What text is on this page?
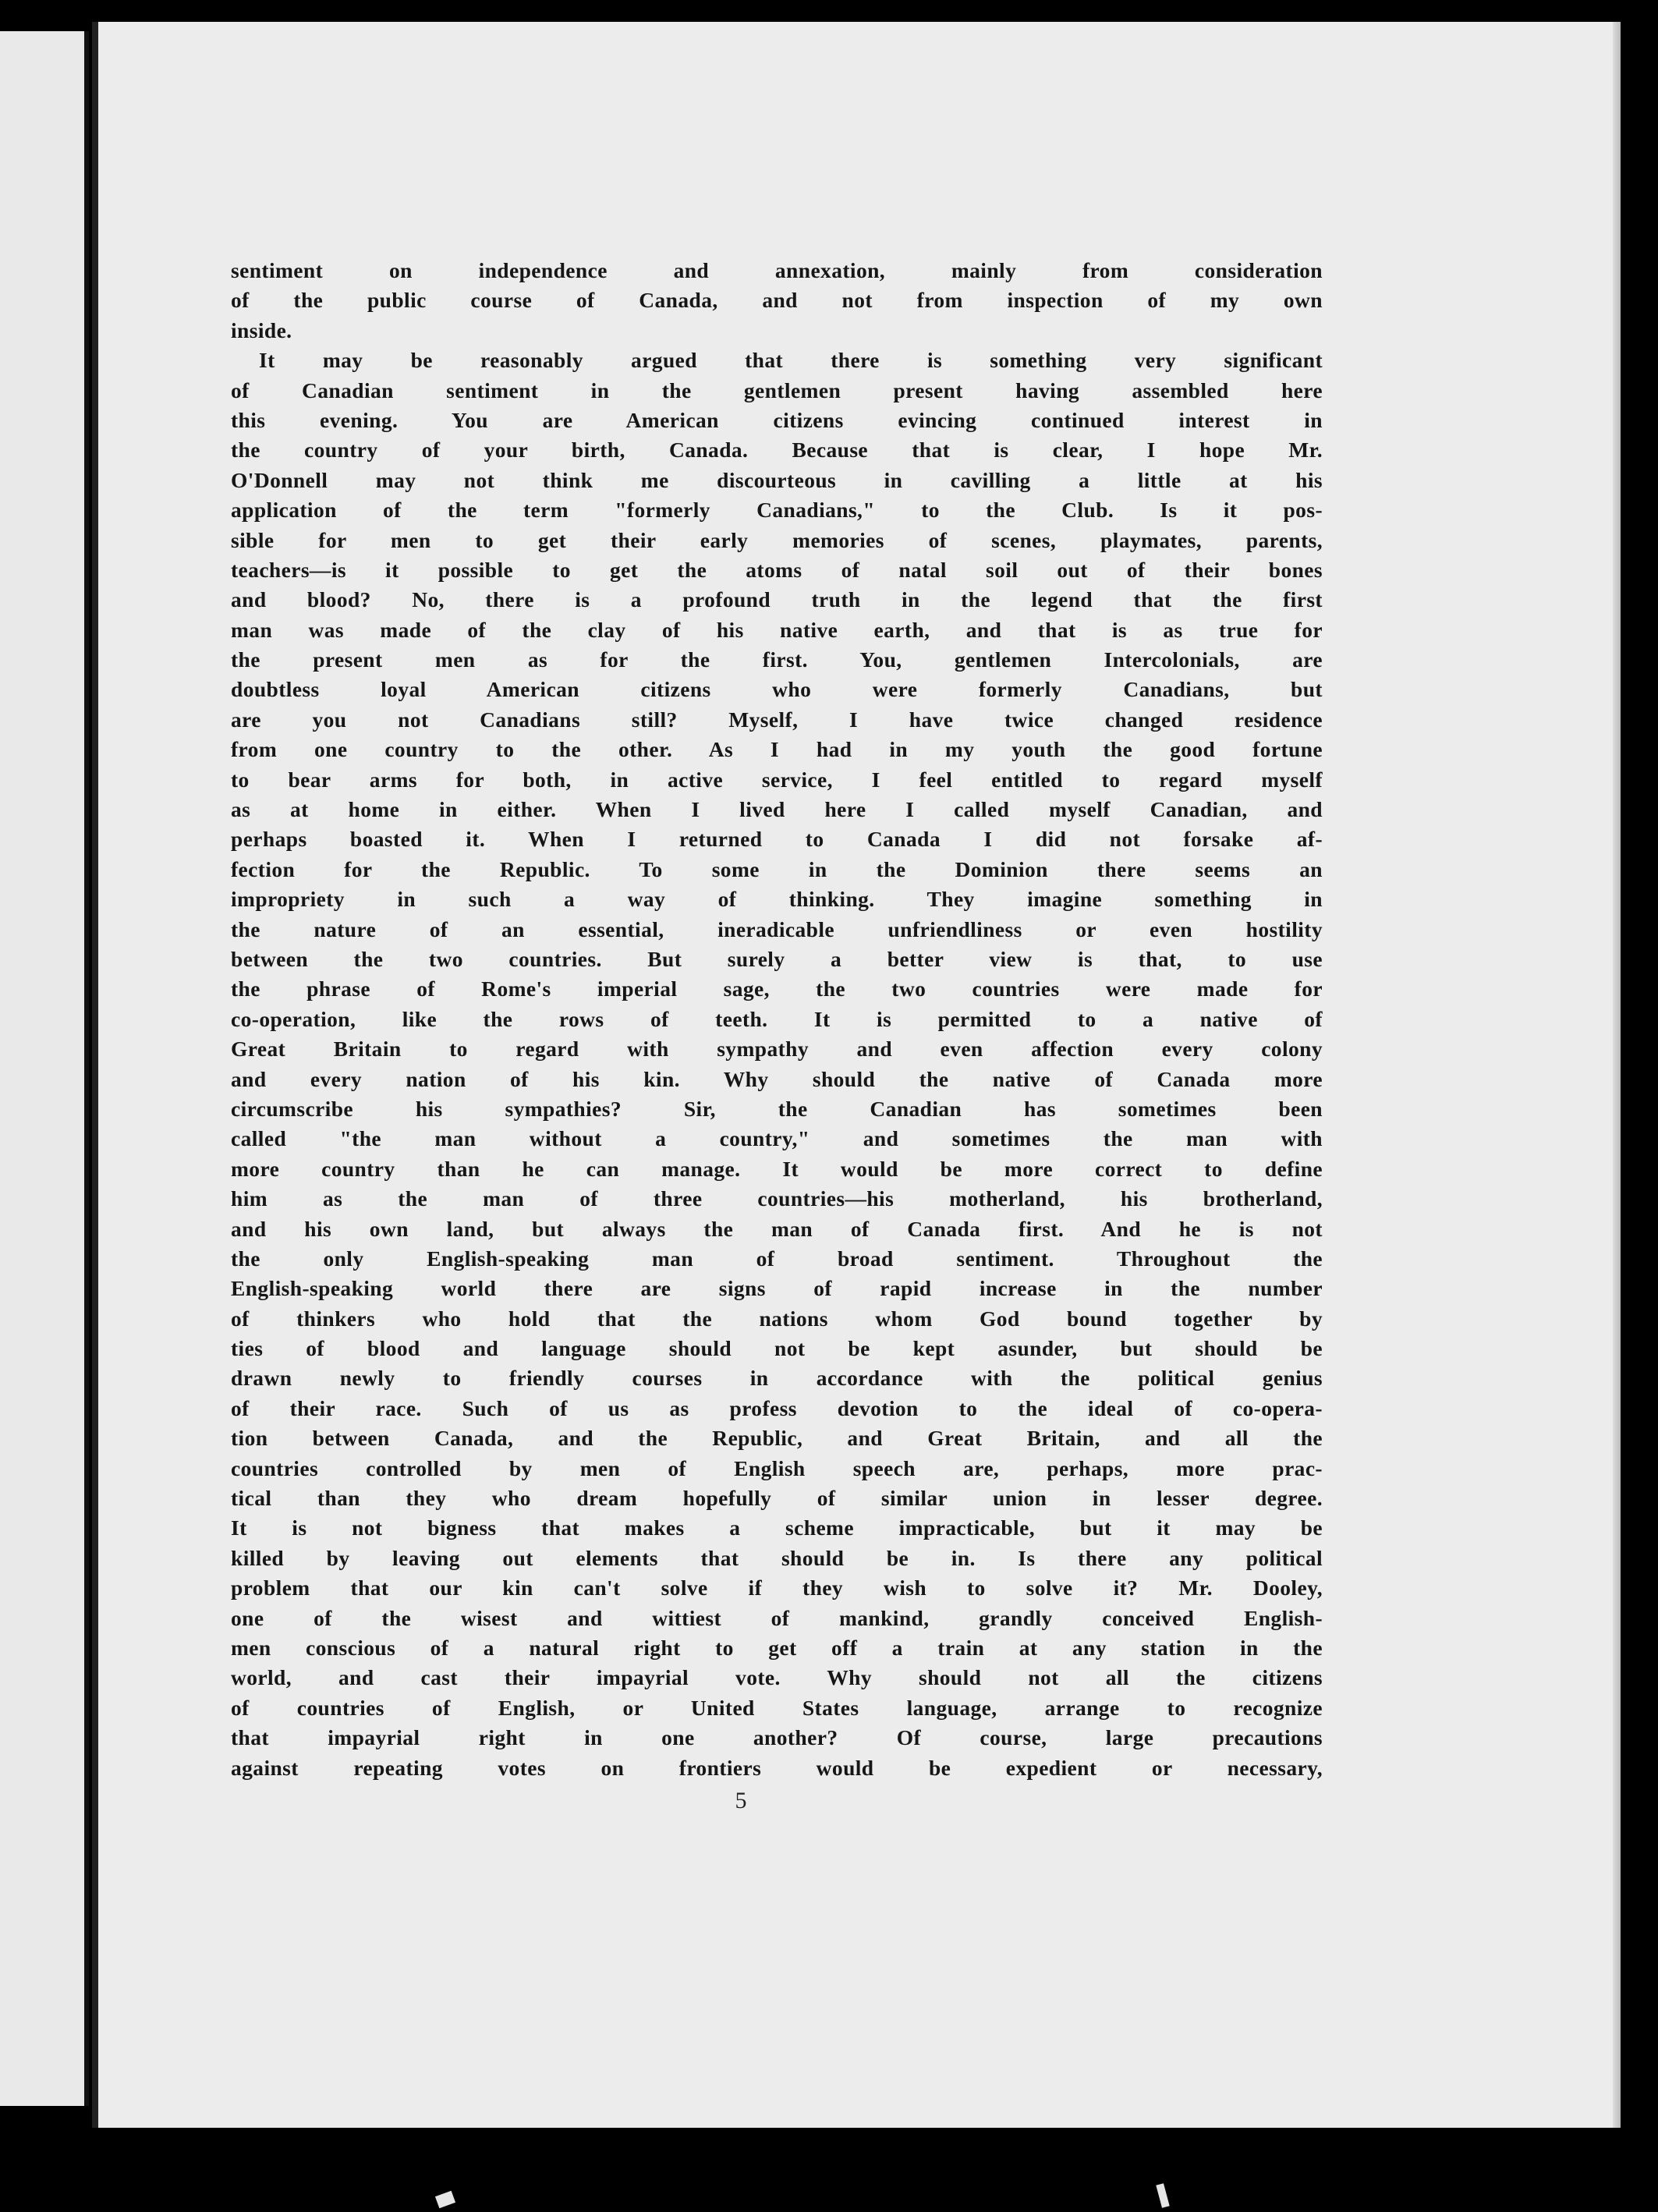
sentiment on independence and annexation, mainly from consideration
of the public course of Canada, and not from inspection of my own
inside.
It may be reasonably argued that there is something very significant
of Canadian sentiment in the gentlemen present having assembled here
this evening. You are American citizens evincing continued interest in
the country of your birth, Canada. Because that is clear, I hope Mr.
O'Donnell may not think me discourteous in cavilling a little at his
application of the term "formerly Canadians," to the Club. Is it pos-
sible for men to get their early memories of scenes, playmates, parents,
teachers—is it possible to get the atoms of natal soil out of their bones
and blood? No, there is a profound truth in the legend that the first
man was made of the clay of his native earth, and that is as true for
the present men as for the first. You, gentlemen Intercolonials, are
doubtless loyal American citizens who were formerly Canadians, but
are you not Canadians still? Myself, I have twice changed residence
from one country to the other. As I had in my youth the good fortune
to bear arms for both, in active service, I feel entitled to regard myself
as at home in either. When I lived here I called myself Canadian, and
perhaps boasted it. When I returned to Canada I did not forsake af-
fection for the Republic. To some in the Dominion there seems an
impropriety in such a way of thinking. They imagine something in
the nature of an essential, ineradicable unfriendliness or even hostility
between the two countries. But surely a better view is that, to use
the phrase of Rome's imperial sage, the two countries were made for
co-operation, like the rows of teeth. It is permitted to a native of
Great Britain to regard with sympathy and even affection every colony
and every nation of his kin. Why should the native of Canada more
circumscribe his sympathies? Sir, the Canadian has sometimes been
called "the man without a country," and sometimes the man with
more country than he can manage. It would be more correct to define
him as the man of three countries—his motherland, his brotherland,
and his own land, but always the man of Canada first. And he is not
the only English-speaking man of broad sentiment. Throughout the
English-speaking world there are signs of rapid increase in the number
of thinkers who hold that the nations whom God bound together by
ties of blood and language should not be kept asunder, but should be
drawn newly to friendly courses in accordance with the political genius
of their race. Such of us as profess devotion to the ideal of co-opera-
tion between Canada, and the Republic, and Great Britain, and all the
countries controlled by men of English speech are, perhaps, more prac-
tical than they who dream hopefully of similar union in lesser degree.
It is not bigness that makes a scheme impracticable, but it may be
killed by leaving out elements that should be in. Is there any political
problem that our kin can't solve if they wish to solve it? Mr. Dooley,
one of the wisest and wittiest of mankind, grandly conceived English-
men conscious of a natural right to get off a train at any station in the
world, and cast their impayrial vote. Why should not all the citizens
of countries of English, or United States language, arrange to recognize
that impayrial right in one another? Of course, large precautions
against repeating votes on frontiers would be expedient or necessary,
5
